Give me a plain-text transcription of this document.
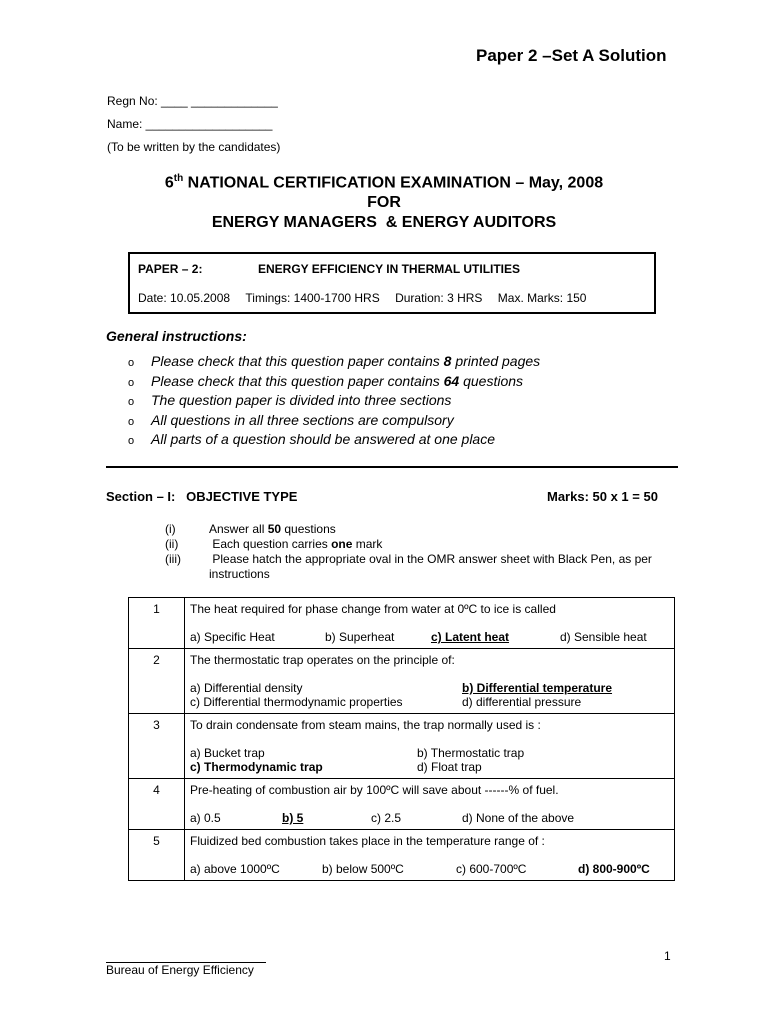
Paper 2 –Set A Solution
Regn No: ____ _____________
Name: ___________________
(To be written by the candidates)
6th NATIONAL CERTIFICATION EXAMINATION – May, 2008
FOR
ENERGY MANAGERS  & ENERGY AUDITORS
PAPER – 2:	ENERGY EFFICIENCY IN THERMAL UTILITIES
Date: 10.05.2008 Timings: 1400-1700 HRS Duration: 3 HRS Max. Marks: 150
General instructions:
o Please check that this question paper contains 8 printed pages
o Please check that this question paper contains 64 questions
o The question paper is divided into three sections
o All questions in all three sections are compulsory
o All parts of a question should be answered at one place
Section – I:   OBJECTIVE TYPE	Marks: 50 x 1 = 50
(i)	Answer all 50 questions
(ii)	Each question carries one mark
(iii)	Please hatch the appropriate oval in the OMR answer sheet with Black Pen, as per instructions
1	The heat required for phase change from water at 0ºC to ice is called
a) Specific Heat b) Superheat c) Latent heat d) Sensible heat

2	The thermostatic trap operates on the principle of:
a) Differential density b) Differential temperature
c) Differential thermodynamic properties d) differential pressure

3	To drain condensate from steam mains, the trap normally used is :
a) Bucket trap b) Thermostatic trap
c) Thermodynamic trap d) Float trap

4	Pre-heating of combustion air by 100ºC will save about ------% of fuel.
a) 0.5 b) 5 c) 2.5 d) None of the above

5	Fluidized bed combustion takes place in the temperature range of :
a) above 1000ºC b) below 500ºC c) 600-700ºC d) 800-900ºC
1
Bureau of Energy Efficiency
